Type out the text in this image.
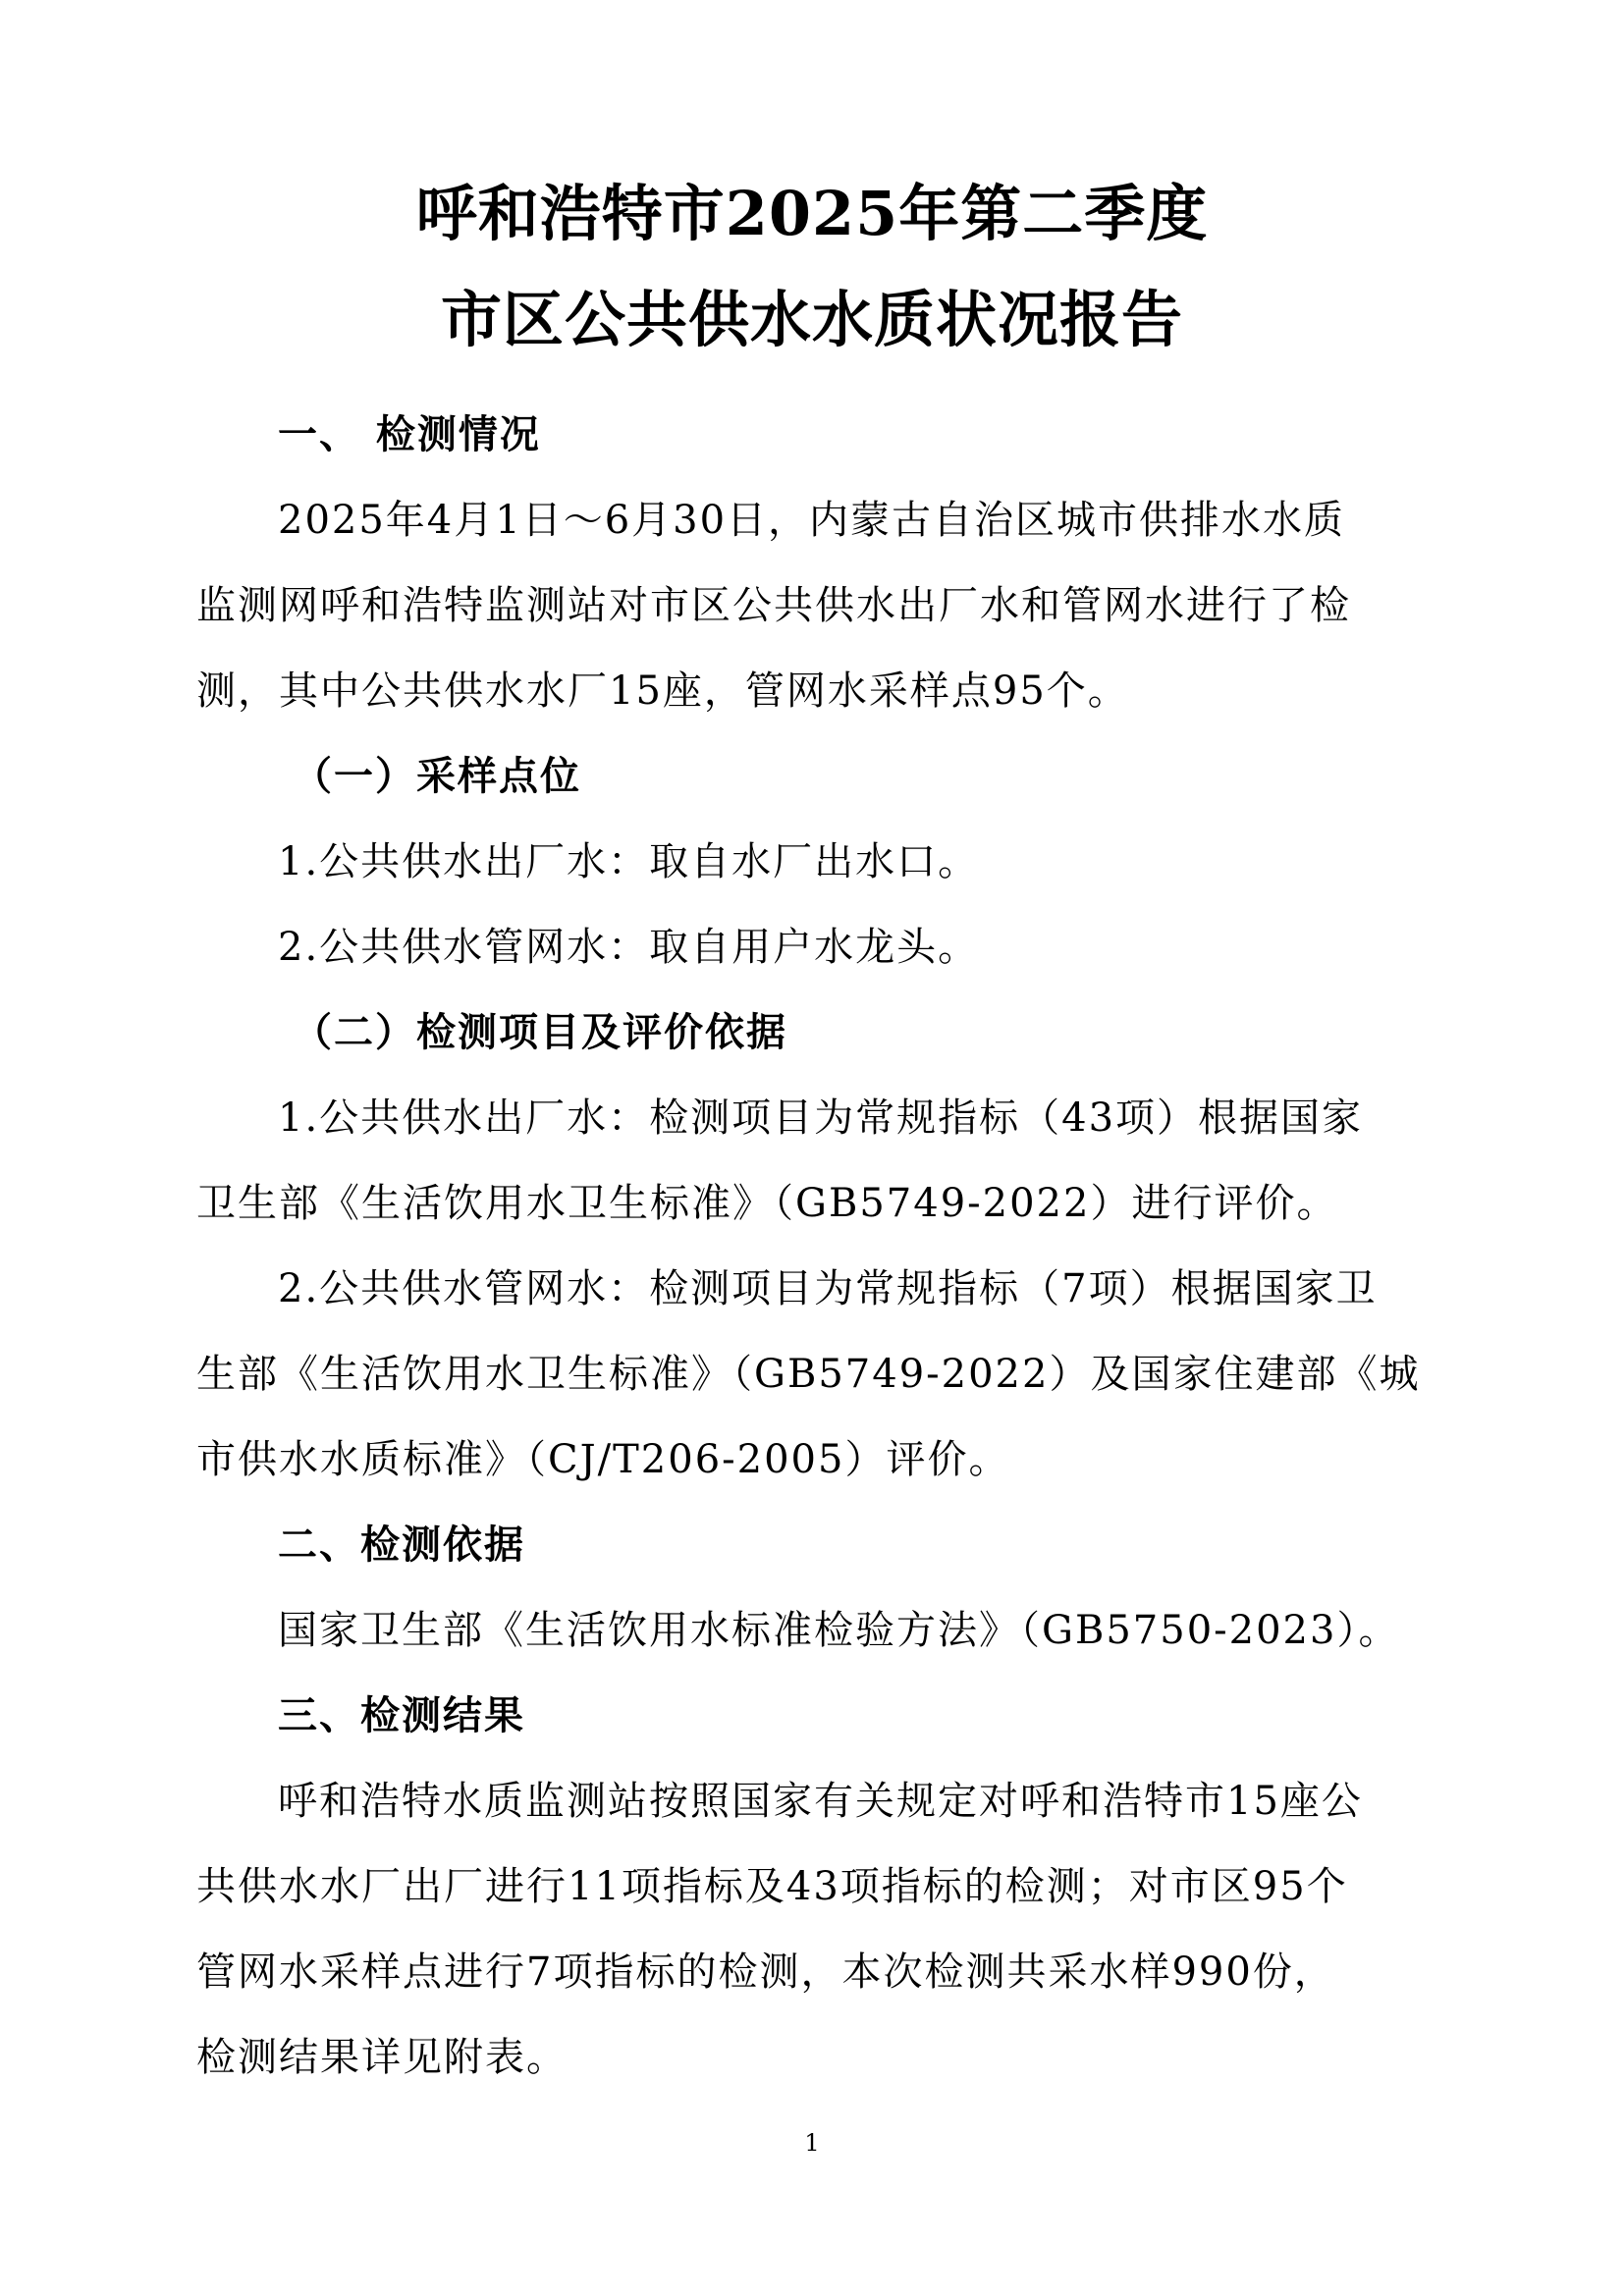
呼和浩特市2025年第二季度
市区公共供水水质状况报告
一、 检测情况
2025年4月1日～6月30日，内蒙古自治区城市供排水水质
监测网呼和浩特监测站对市区公共供水出厂水和管网水进行了检
测，其中公共供水水厂15座，管网水采样点95个。
（一）采样点位
1.公共供水出厂水：取自水厂出水口。
2.公共供水管网水：取自用户水龙头。
（二）检测项目及评价依据
1.公共供水出厂水：检测项目为常规指标（43项）根据国家
卫生部《生活饮用水卫生标准》（GB5749-2022）进行评价。
2.公共供水管网水：检测项目为常规指标（7项）根据国家卫
生部《生活饮用水卫生标准》（GB5749-2022）及国家住建部《城
市供水水质标准》（CJ/T206-2005）评价。
二、检测依据
国家卫生部《生活饮用水标准检验方法》（GB5750-2023）。
三、检测结果
呼和浩特水质监测站按照国家有关规定对呼和浩特市15座公
共供水水厂出厂进行11项指标及43项指标的检测；对市区95个
管网水采样点进行7项指标的检测，本次检测共采水样990份，
检测结果详见附表。
1
